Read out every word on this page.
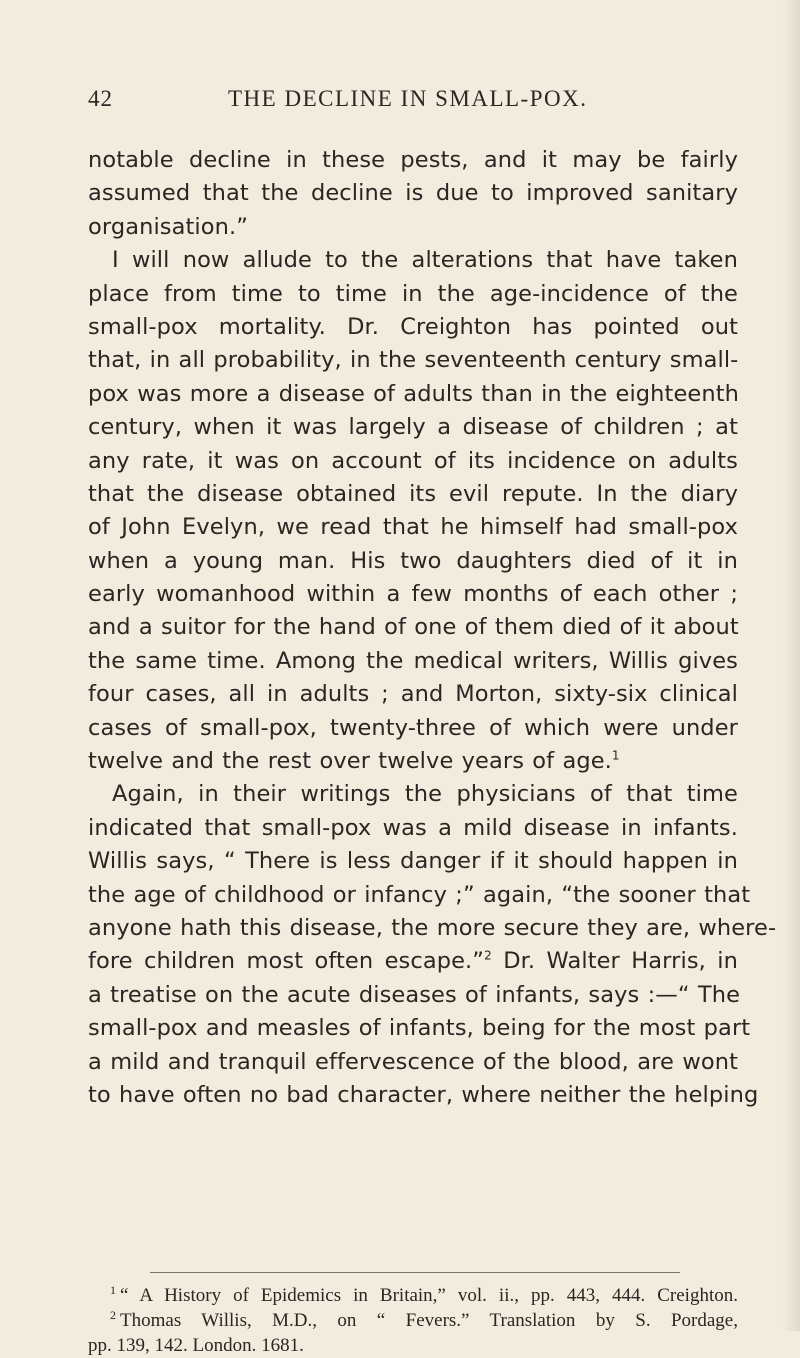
42	THE DECLINE IN SMALL-POX.
notable decline in these pests, and it may be fairly
assumed that the decline is due to improved sanitary
organisation.”
I will now allude to the alterations that have taken
place from time to time in the age-incidence of the
small-pox mortality. Dr. Creighton has pointed out
that, in all probability, in the seventeenth century small-
pox was more a disease of adults than in the eighteenth
century, when it was largely a disease of children ; at
any rate, it was on account of its incidence on adults
that the disease obtained its evil repute. In the diary
of John Evelyn, we read that he himself had small-pox
when a young man. His two daughters died of it in
early womanhood within a few months of each other ;
and a suitor for the hand of one of them died of it about
the same time. Among the medical writers, Willis gives
four cases, all in adults ; and Morton, sixty-six clinical
cases of small-pox, twenty-three of which were under
twelve and the rest over twelve years of age.$^1$
Again, in their writings the physicians of that time
indicated that small-pox was a mild disease in infants.
Willis says, “ There is less danger if it should happen in
the age of childhood or infancy ;” again, “the sooner that
anyone hath this disease, the more secure they are, where-
fore children most often escape.”$^2$ Dr. Walter Harris, in
a treatise on the acute diseases of infants, says :—“ The
small-pox and measles of infants, being for the most part
a mild and tranquil effervescence of the blood, are wont
to have often no bad character, where neither the helping
$^1$ “ A History of Epidemics in Britain,” vol. ii., pp. 443, 444. Creighton.
$^2$ Thomas Willis, M.D., on “ Fevers.” Translation by S. Pordage,
pp. 139, 142. London. 1681.
